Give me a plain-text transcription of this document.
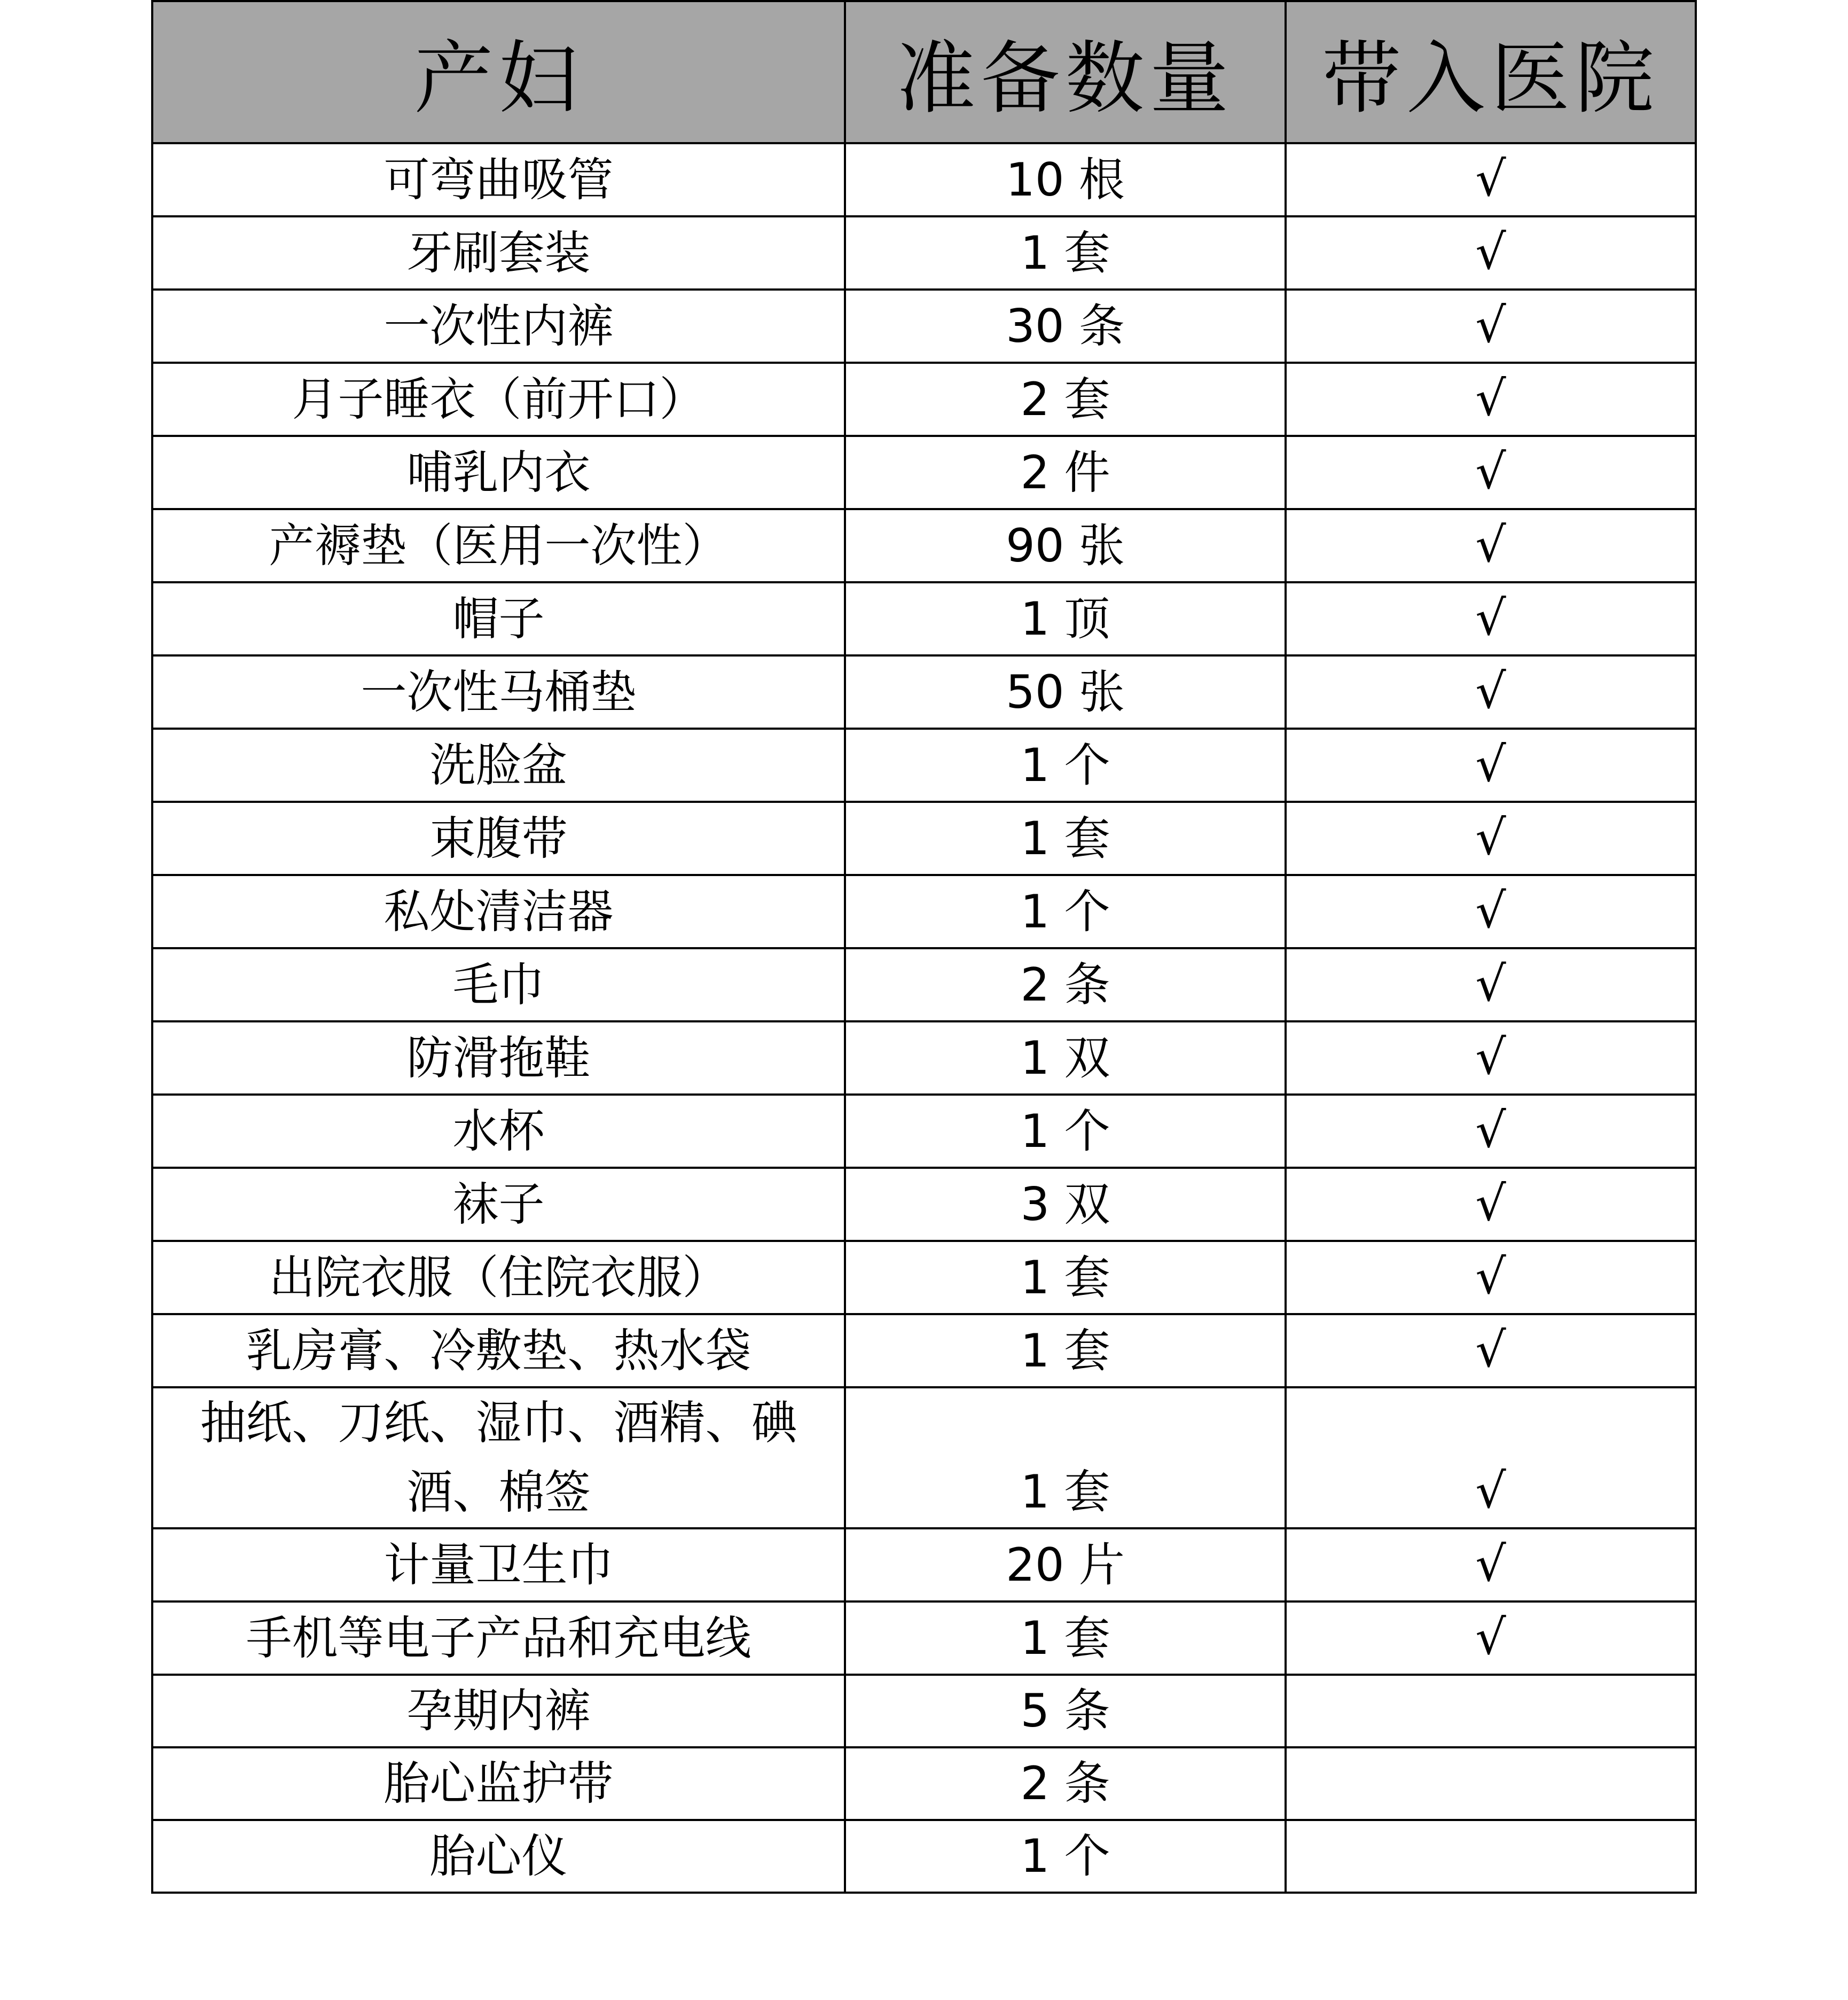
产妇	准备数量	带入医院
可弯曲吸管	10 根	√
牙刷套装	1 套	√
一次性内裤	30 条	√
月子睡衣（前开口）	2 套	√
哺乳内衣	2 件	√
产褥垫（医用一次性）	90 张	√
帽子	1 顶	√
一次性马桶垫	50 张	√
洗脸盆	1 个	√
束腹带	1 套	√
私处清洁器	1 个	√
毛巾	2 条	√
防滑拖鞋	1 双	√
水杯	1 个	√
袜子	3 双	√
出院衣服（住院衣服）	1 套	√
乳房膏、冷敷垫、热水袋	1 套	√
抽纸、刀纸、湿巾、酒精、碘酒、棉签	1 套	√
计量卫生巾	20 片	√
手机等电子产品和充电线	1 套	√
孕期内裤	5 条	
胎心监护带	2 条	
胎心仪	1 个	
